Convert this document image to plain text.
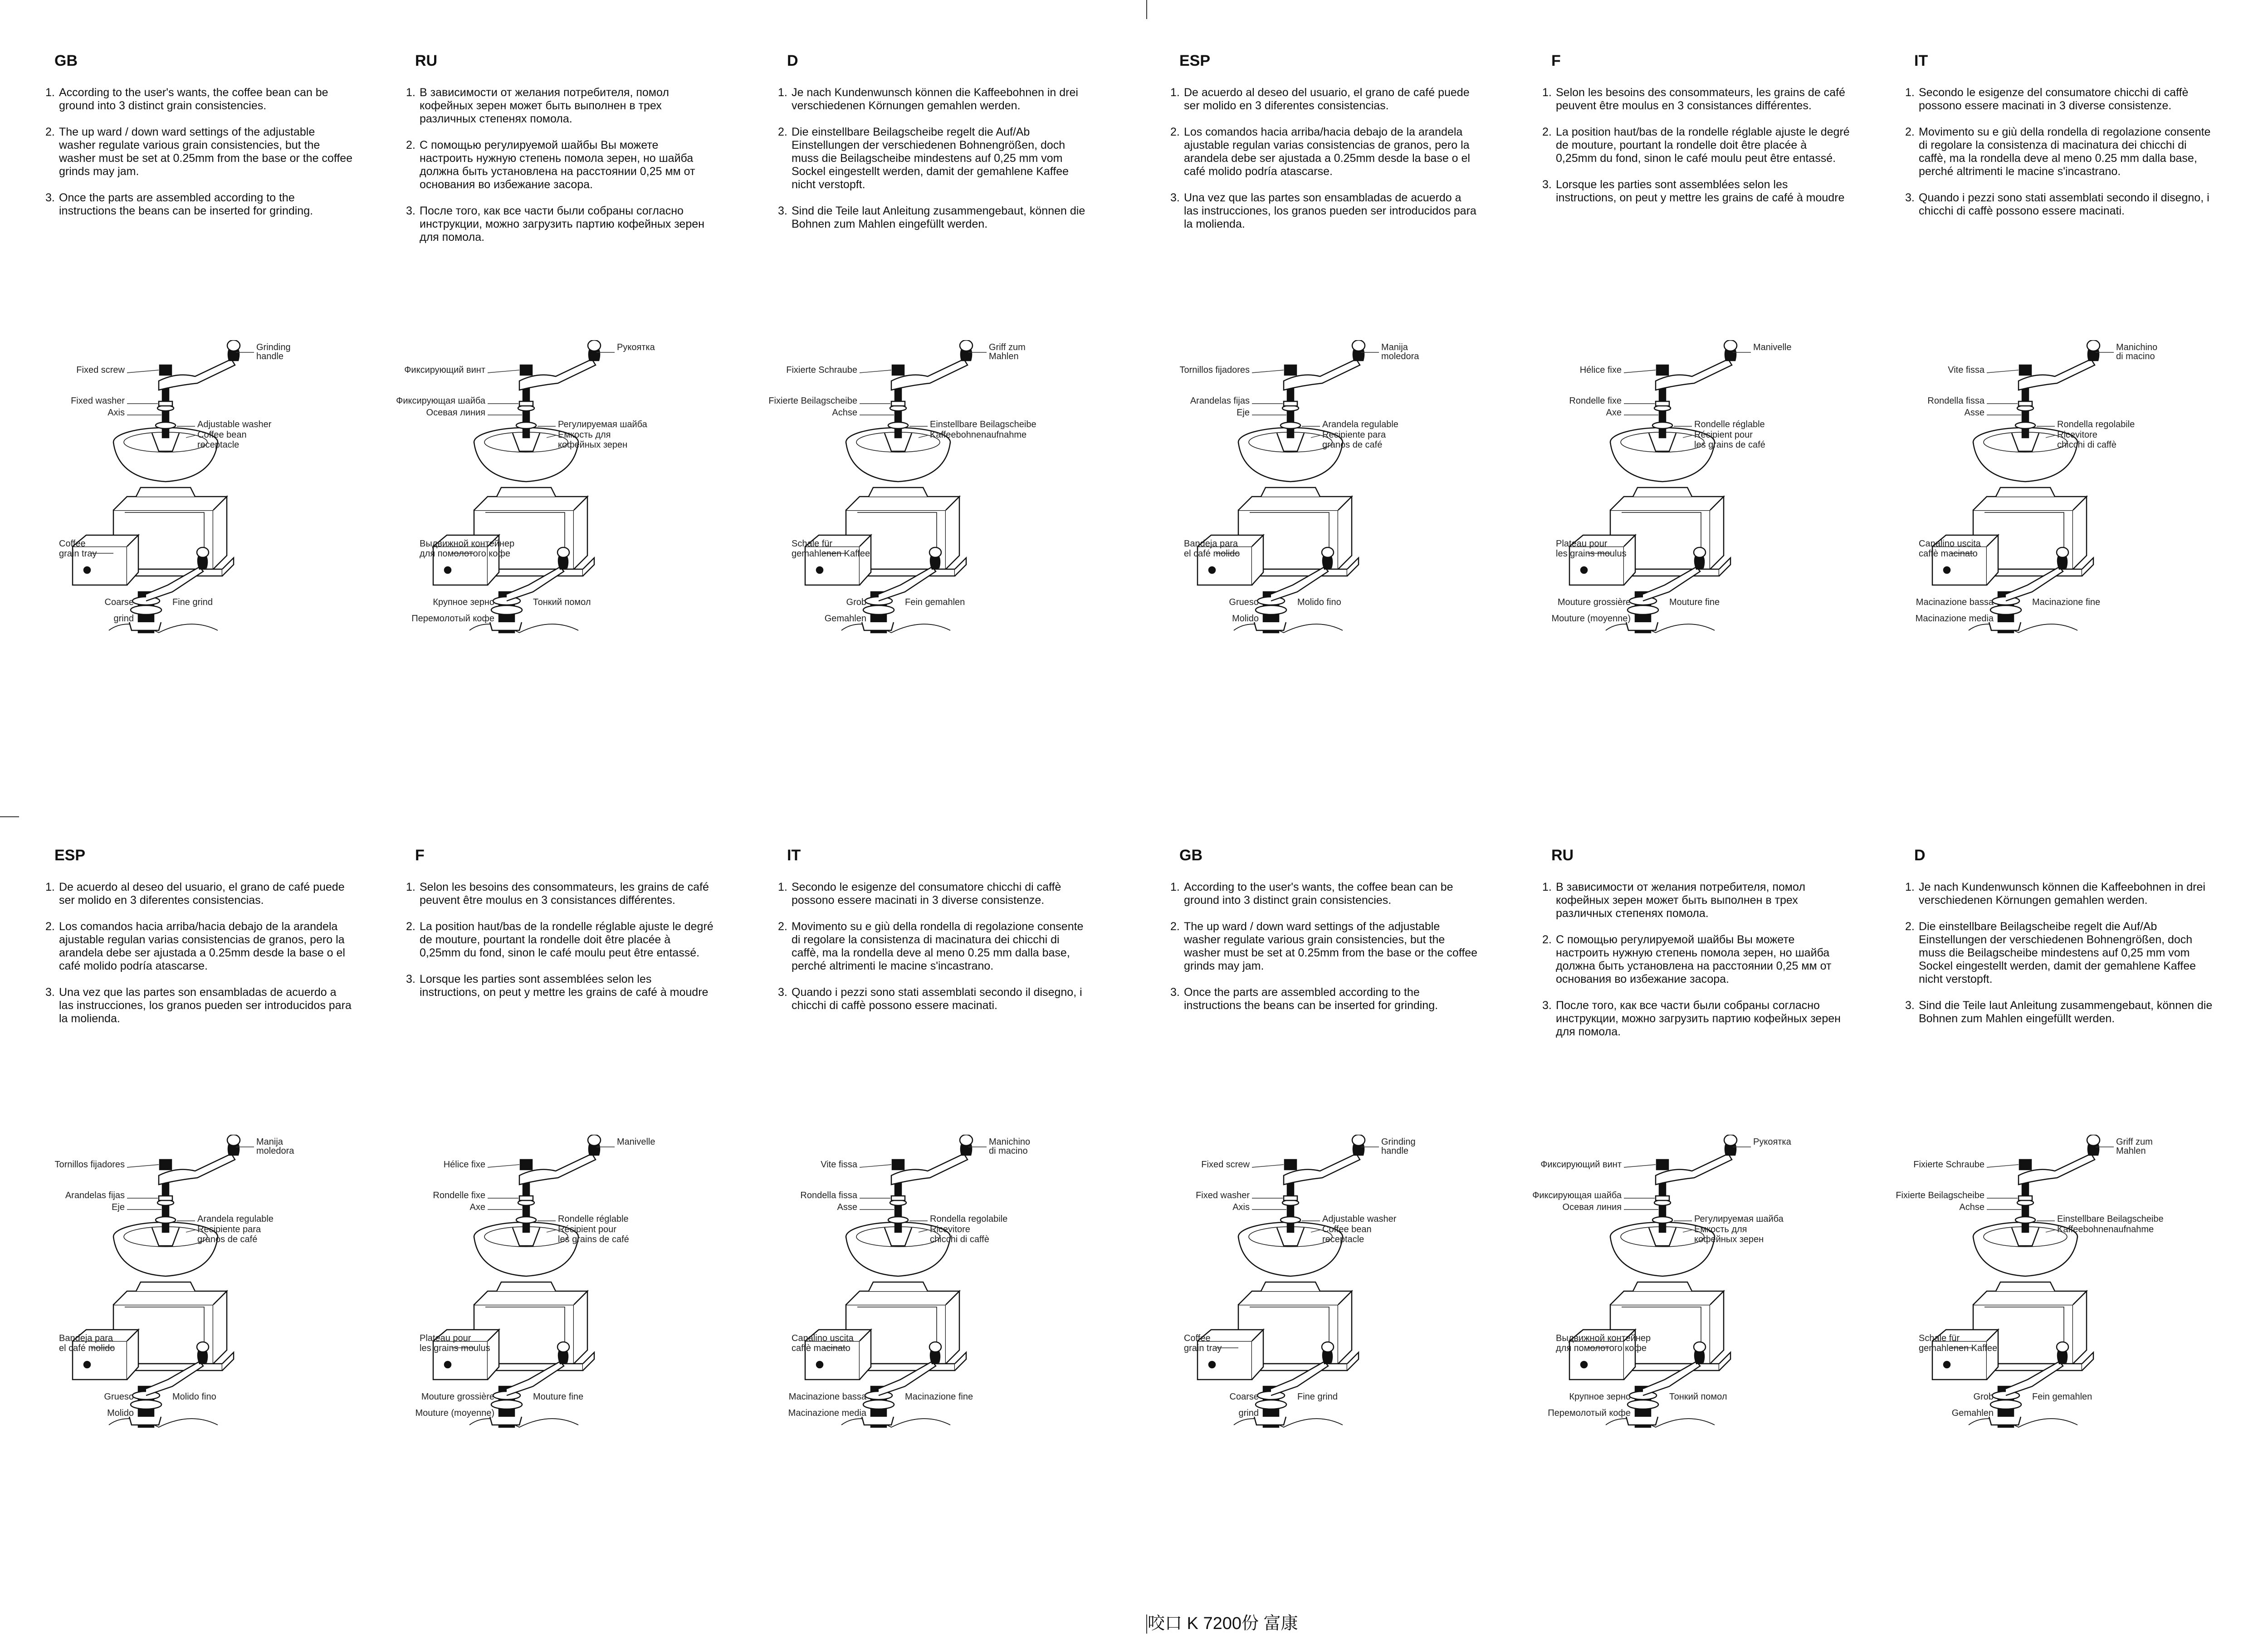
GB
1. According to the user's wants, the coffee bean can be ground into 3 distinct grain consistencies.
2. The up ward / down ward settings of the adjustable washer regulate various grain consistencies, but the washer must be set at 0.25mm from the base or the coffee grinds may jam.
3. Once the parts are assembled according to the instructions the beans can be inserted for grinding.
Fixed screw
Grinding
handle
Fixed washer
Axis
Adjustable washer
Coffee bean
receptacle
Coffee
grain tray
Coarse
grind
Fine grind
RU
1. В зависимости от желания потребителя, помол кофейных зерен может быть выполнен в трех различных степенях помола.
2. С помощью регулируемой шайбы Вы можете настроить нужную степень помола зерен, но шайба должна быть установлена на расстоянии 0,25 мм от основания во избежание засора.
3. После того, как все части были собраны согласно инструкции, можно загрузить партию кофейных зерен для помола.
Фиксирующий винт
Рукоятка
Фиксирующая шайба
Осевая линия
Регулируемая шайба
Емкость для
кофейных зерен
Выдвижной контейнер
для помолотого кофе
Крупное зерно
Перемолотый кофе
Тонкий помол
D
1. Je nach Kundenwunsch können die Kaffeebohnen in drei verschiedenen Körnungen gemahlen werden.
2. Die einstellbare Beilagscheibe regelt die Auf/Ab Einstellungen der verschiedenen Bohnengrößen, doch muss die Beilagscheibe mindestens auf 0,25 mm vom Sockel eingestellt werden, damit der gemahlene Kaffee nicht verstopft.
3. Sind die Teile laut Anleitung zusammengebaut, können die Bohnen zum Mahlen eingefüllt werden.
Fixierte Schraube
Griff zum
Mahlen
Fixierte Beilagscheibe
Achse
Einstellbare Beilagscheibe
Kaffeebohnenaufnahme
Schale für
gemahlenen Kaffee
Grob
Gemahlen
Fein gemahlen
ESP
1. De acuerdo al deseo del usuario, el grano de café puede ser molido en 3 diferentes consistencias.
2. Los comandos hacia arriba/hacia debajo de la arandela ajustable regulan varias consistencias de granos, pero la arandela debe ser ajustada a 0.25mm desde la base o el café molido podría atascarse.
3. Una vez que las partes son ensambladas de acuerdo a las instrucciones, los granos pueden ser introducidos para la molienda.
Tornillos fijadores
Manija
moledora
Arandelas fijas
Eje
Arandela regulable
Recipiente para
granos de café
Bandeja para
el café molido
Grueso
Molido
Molido fino
F
1. Selon les besoins des consommateurs, les grains de café peuvent être moulus en 3 consistances différentes.
2. La position haut/bas de la rondelle réglable ajuste le degré de mouture, pourtant la rondelle doit être placée à 0,25mm du fond, sinon le café moulu peut être entassé.
3. Lorsque les parties sont assemblées selon les instructions, on peut y mettre les grains de café à moudre
Hélice fixe
Manivelle
Rondelle fixe
Axe
Rondelle réglable
Récipient pour
les grains de café
Plateau pour
les grains moulus
Mouture grossière
Mouture (moyenne)
Mouture fine
IT
1. Secondo le esigenze del consumatore chicchi di caffè possono essere macinati in 3 diverse consistenze.
2. Movimento su e giù della rondella di regolazione consente di regolare la consistenza di macinatura dei chicchi di caffè, ma la rondella deve al meno 0.25 mm dalla base, perché altrimenti le macine s'incastrano.
3. Quando i pezzi sono stati assemblati secondo il disegno, i chicchi di caffè possono essere macinati.
Vite fissa
Manichino
di macino
Rondella fissa
Asse
Rondella regolabile
Ricevitore
chicchi di caffè
Canalino uscita
caffè macinato
Macinazione bassa
Macinazione media
Macinazione fine
ESP
1. De acuerdo al deseo del usuario, el grano de café puede ser molido en 3 diferentes consistencias.
2. Los comandos hacia arriba/hacia debajo de la arandela ajustable regulan varias consistencias de granos, pero la arandela debe ser ajustada a 0.25mm desde la base o el café molido podría atascarse.
3. Una vez que las partes son ensambladas de acuerdo a las instrucciones, los granos pueden ser introducidos para la molienda.
Tornillos fijadores
Manija
moledora
Arandelas fijas
Eje
Arandela regulable
Recipiente para
granos de café
Bandeja para
el café molido
Grueso
Molido
Molido fino
F
1. Selon les besoins des consommateurs, les grains de café peuvent être moulus en 3 consistances différentes.
2. La position haut/bas de la rondelle réglable ajuste le degré de mouture, pourtant la rondelle doit être placée à 0,25mm du fond, sinon le café moulu peut être entassé.
3. Lorsque les parties sont assemblées selon les instructions, on peut y mettre les grains de café à moudre
Hélice fixe
Manivelle
Rondelle fixe
Axe
Rondelle réglable
Récipient pour
les grains de café
Plateau pour
les grains moulus
Mouture grossière
Mouture (moyenne)
Mouture fine
IT
1. Secondo le esigenze del consumatore chicchi di caffè possono essere macinati in 3 diverse consistenze.
2. Movimento su e giù della rondella di regolazione consente di regolare la consistenza di macinatura dei chicchi di caffè, ma la rondella deve al meno 0.25 mm dalla base, perché altrimenti le macine s'incastrano.
3. Quando i pezzi sono stati assemblati secondo il disegno, i chicchi di caffè possono essere macinati.
Vite fissa
Manichino
di macino
Rondella fissa
Asse
Rondella regolabile
Ricevitore
chicchi di caffè
Canalino uscita
caffè macinato
Macinazione bassa
Macinazione media
Macinazione fine
GB
1. According to the user's wants, the coffee bean can be ground into 3 distinct grain consistencies.
2. The up ward / down ward settings of the adjustable washer regulate various grain consistencies, but the washer must be set at 0.25mm from the base or the coffee grinds may jam.
3. Once the parts are assembled according to the instructions the beans can be inserted for grinding.
Fixed screw
Grinding
handle
Fixed washer
Axis
Adjustable washer
Coffee bean
receptacle
Coffee
grain tray
Coarse
grind
Fine grind
RU
1. В зависимости от желания потребителя, помол кофейных зерен может быть выполнен в трех различных степенях помола.
2. С помощью регулируемой шайбы Вы можете настроить нужную степень помола зерен, но шайба должна быть установлена на расстоянии 0,25 мм от основания во избежание засора.
3. После того, как все части были собраны согласно инструкции, можно загрузить партию кофейных зерен для помола.
Фиксирующий винт
Рукоятка
Фиксирующая шайба
Осевая линия
Регулируемая шайба
Емкость для
кофейных зерен
Выдвижной контейнер
для помолотого кофе
Крупное зерно
Перемолотый кофе
Тонкий помол
D
1. Je nach Kundenwunsch können die Kaffeebohnen in drei verschiedenen Körnungen gemahlen werden.
2. Die einstellbare Beilagscheibe regelt die Auf/Ab Einstellungen der verschiedenen Bohnengrößen, doch muss die Beilagscheibe mindestens auf 0,25 mm vom Sockel eingestellt werden, damit der gemahlene Kaffee nicht verstopft.
3. Sind die Teile laut Anleitung zusammengebaut, können die Bohnen zum Mahlen eingefüllt werden.
Fixierte Schraube
Griff zum
Mahlen
Fixierte Beilagscheibe
Achse
Einstellbare Beilagscheibe
Kaffeebohnenaufnahme
Schale für
gemahlenen Kaffee
Grob
Gemahlen
Fein gemahlen
咬口 K 7200份 富康
